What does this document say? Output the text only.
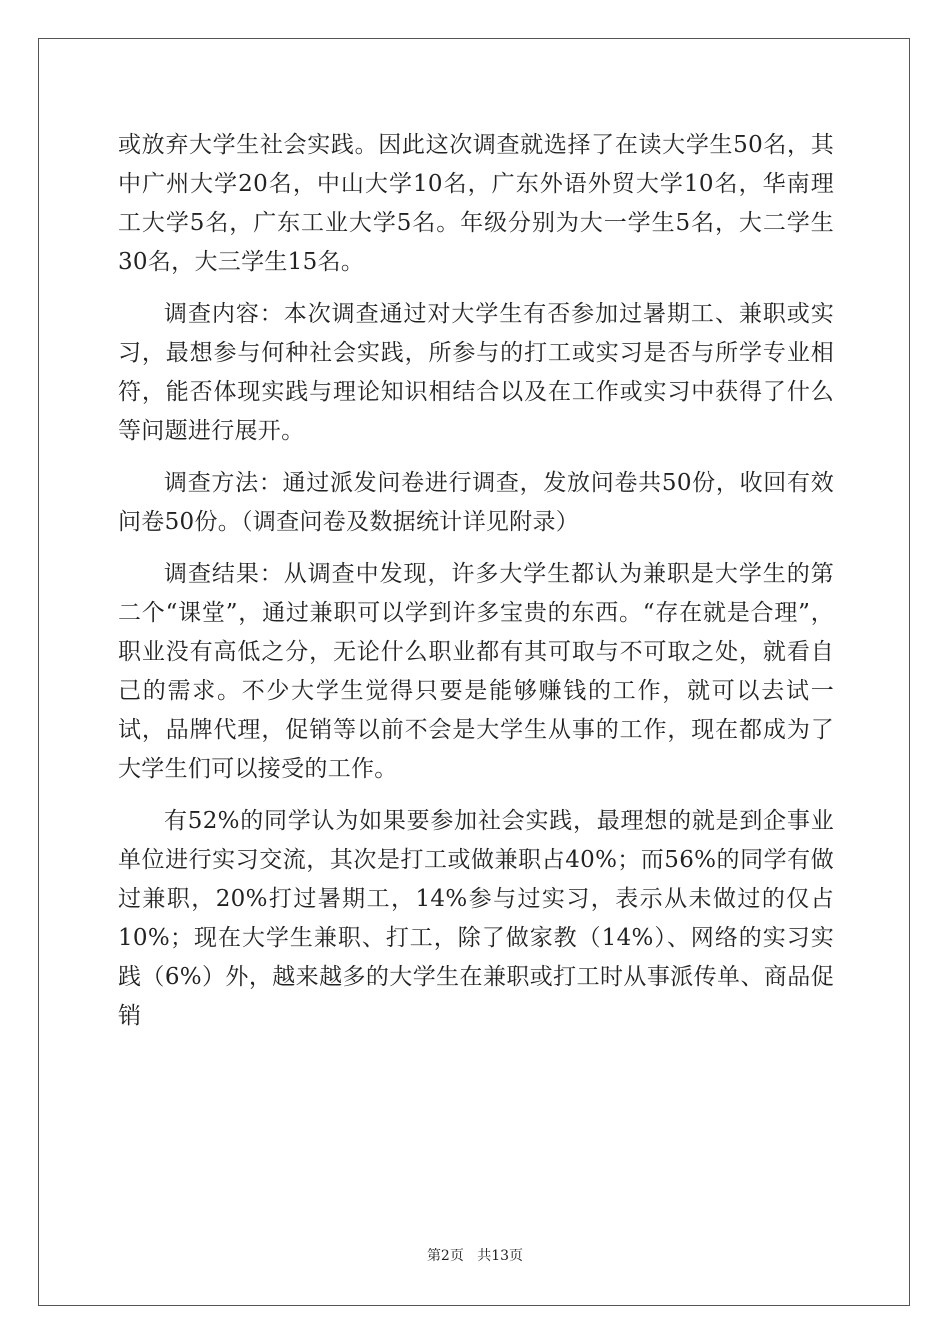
或放弃大学生社会实践。因此这次调查就选择了在读大学生50名，其中广州大学20名，中山大学10名，广东外语外贸大学10名，华南理工大学5名，广东工业大学5名。年级分别为大一学生5名，大二学生30名，大三学生15名。

调查内容：本次调查通过对大学生有否参加过暑期工、兼职或实习，最想参与何种社会实践，所参与的打工或实习是否与所学专业相符，能否体现实践与理论知识相结合以及在工作或实习中获得了什么等问题进行展开。

调查方法：通过派发问卷进行调查，发放问卷共50份，收回有效问卷50份。（调查问卷及数据统计详见附录）

调查结果：从调查中发现，许多大学生都认为兼职是大学生的第二个“课堂”，通过兼职可以学到许多宝贵的东西。“存在就是合理”，职业没有高低之分，无论什么职业都有其可取与不可取之处，就看自己的需求。不少大学生觉得只要是能够赚钱的工作，就可以去试一试，品牌代理，促销等以前不会是大学生从事的工作，现在都成为了大学生们可以接受的工作。

有52%的同学认为如果要参加社会实践，最理想的就是到企事业单位进行实习交流，其次是打工或做兼职占40%；而56%的同学有做过兼职，20%打过暑期工，14%参与过实习，表示从未做过的仅占10%；现在大学生兼职、打工，除了做家教（14%）、网络的实习实践（6%）外，越来越多的大学生在兼职或打工时从事派传单、商品促销

第2页 共13页
